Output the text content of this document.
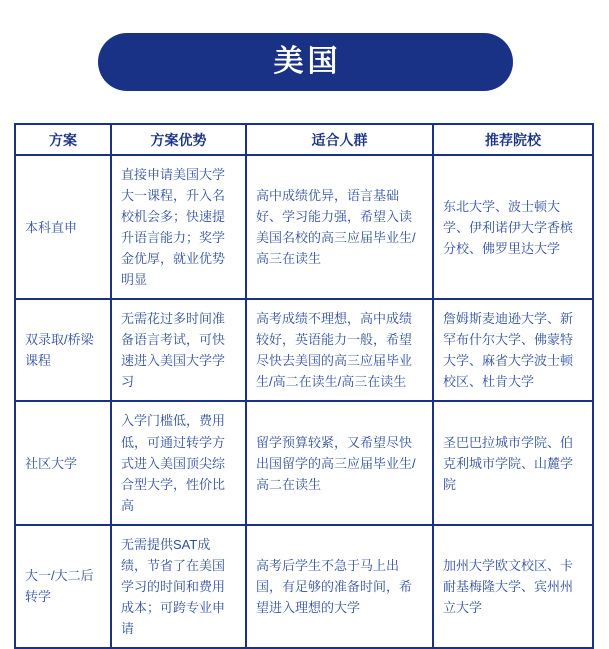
美国
方案	方案优势	适合人群	推荐院校
本科直申	直接申请美国大学大一课程，升入名校机会多；快速提升语言能力；奖学金优厚，就业优势明显	高中成绩优异，语言基础好、学习能力强，希望入读美国名校的高三应届毕业生/高三在读生	东北大学、波士顿大学、伊利诺伊大学香槟分校、佛罗里达大学
双录取/桥梁课程	无需花过多时间准备语言考试，可快速进入美国大学学习	高考成绩不理想，高中成绩较好，英语能力一般，希望尽快去美国的高三应届毕业生/高二在读生/高三在读生	詹姆斯麦迪逊大学、新罕布什尔大学、佛蒙特大学、麻省大学波士顿校区、杜肯大学
社区大学	入学门槛低，费用低，可通过转学方式进入美国顶尖综合型大学，性价比高	留学预算较紧，又希望尽快出国留学的高三应届毕业生/高二在读生	圣巴巴拉城市学院、伯克利城市学院、山麓学院
大一/大二后转学	无需提供SAT成绩，节省了在美国学习的时间和费用成本；可跨专业申请	高考后学生不急于马上出国，有足够的准备时间，希望进入理想的大学	加州大学欧文校区、卡耐基梅隆大学、宾州州立大学
